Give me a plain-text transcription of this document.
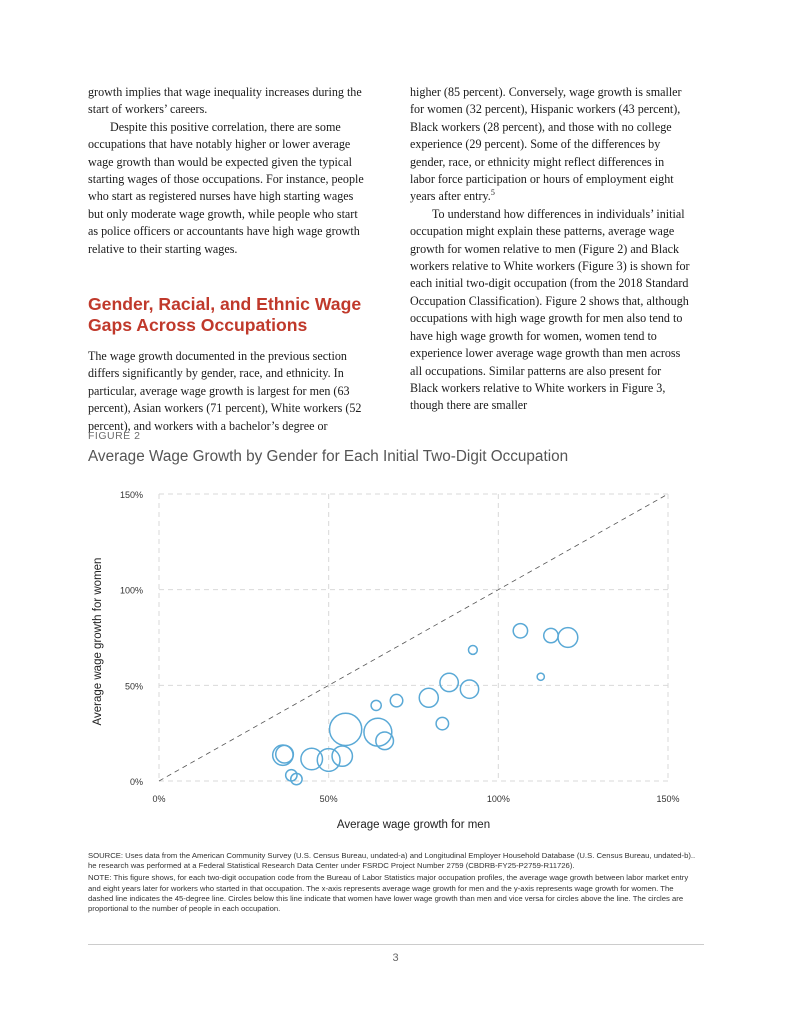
growth implies that wage inequality increases during the start of workers’ careers.

Despite this positive correlation, there are some occupations that have notably higher or lower average wage growth than would be expected given the typical starting wages of those occupations. For instance, people who start as registered nurses have high starting wages but only moderate wage growth, while people who start as police officers or accountants have high wage growth relative to their starting wages.

Gender, Racial, and Ethnic Wage Gaps Across Occupations

The wage growth documented in the previous section differs significantly by gender, race, and ethnicity. In particular, average wage growth is largest for men (63 percent), Asian workers (71 percent), White workers (52 percent), and workers with a bachelor’s degree or

higher (85 percent). Conversely, wage growth is smaller for women (32 percent), Hispanic workers (43 percent), Black workers (28 percent), and those with no college experience (29 percent). Some of the differences by gender, race, or ethnicity might reflect differences in labor force participation or hours of employment eight years after entry.$^5$

To understand how differences in individuals’ initial occupation might explain these patterns, average wage growth for women relative to men (Figure 2) and Black workers relative to White workers (Figure 3) is shown for each initial two-digit occupation (from the 2018 Standard Occupation Classification). Figure 2 shows that, although occupations with high wage growth for men also tend to have high wage growth for women, women tend to experience lower average wage growth than men across all occupations. Similar patterns are also present for Black workers relative to White workers in Figure 3, though there are smaller

FIGURE 2
Average Wage Growth by Gender for Each Initial Two-Digit Occupation
0%
50%
100%
150%
0%	50%	100%	150%
Average wage growth for men
Average wage growth for women

SOURCE: Uses data from the American Community Survey (U.S. Census Bureau, undated-a) and Longitudinal Employer Household Database (U.S. Census Bureau, undated-b).. he research was performed at a Federal Statistical Research Data Center under FSRDC Project Number 2759 (CBDRB-FY25-P2759-R11726).

NOTE: This figure shows, for each two-digit occupation code from the Bureau of Labor Statistics major occupation profiles, the average wage growth between labor market entry and eight years later for workers who started in that occupation. The x-axis represents average wage growth for men and the y-axis represents wage growth for women. The dashed line indicates the 45-degree line. Circles below this line indicate that women have lower wage growth than men and vice versa for circles above the line. The circles are proportional to the number of people in each occupation.

3
